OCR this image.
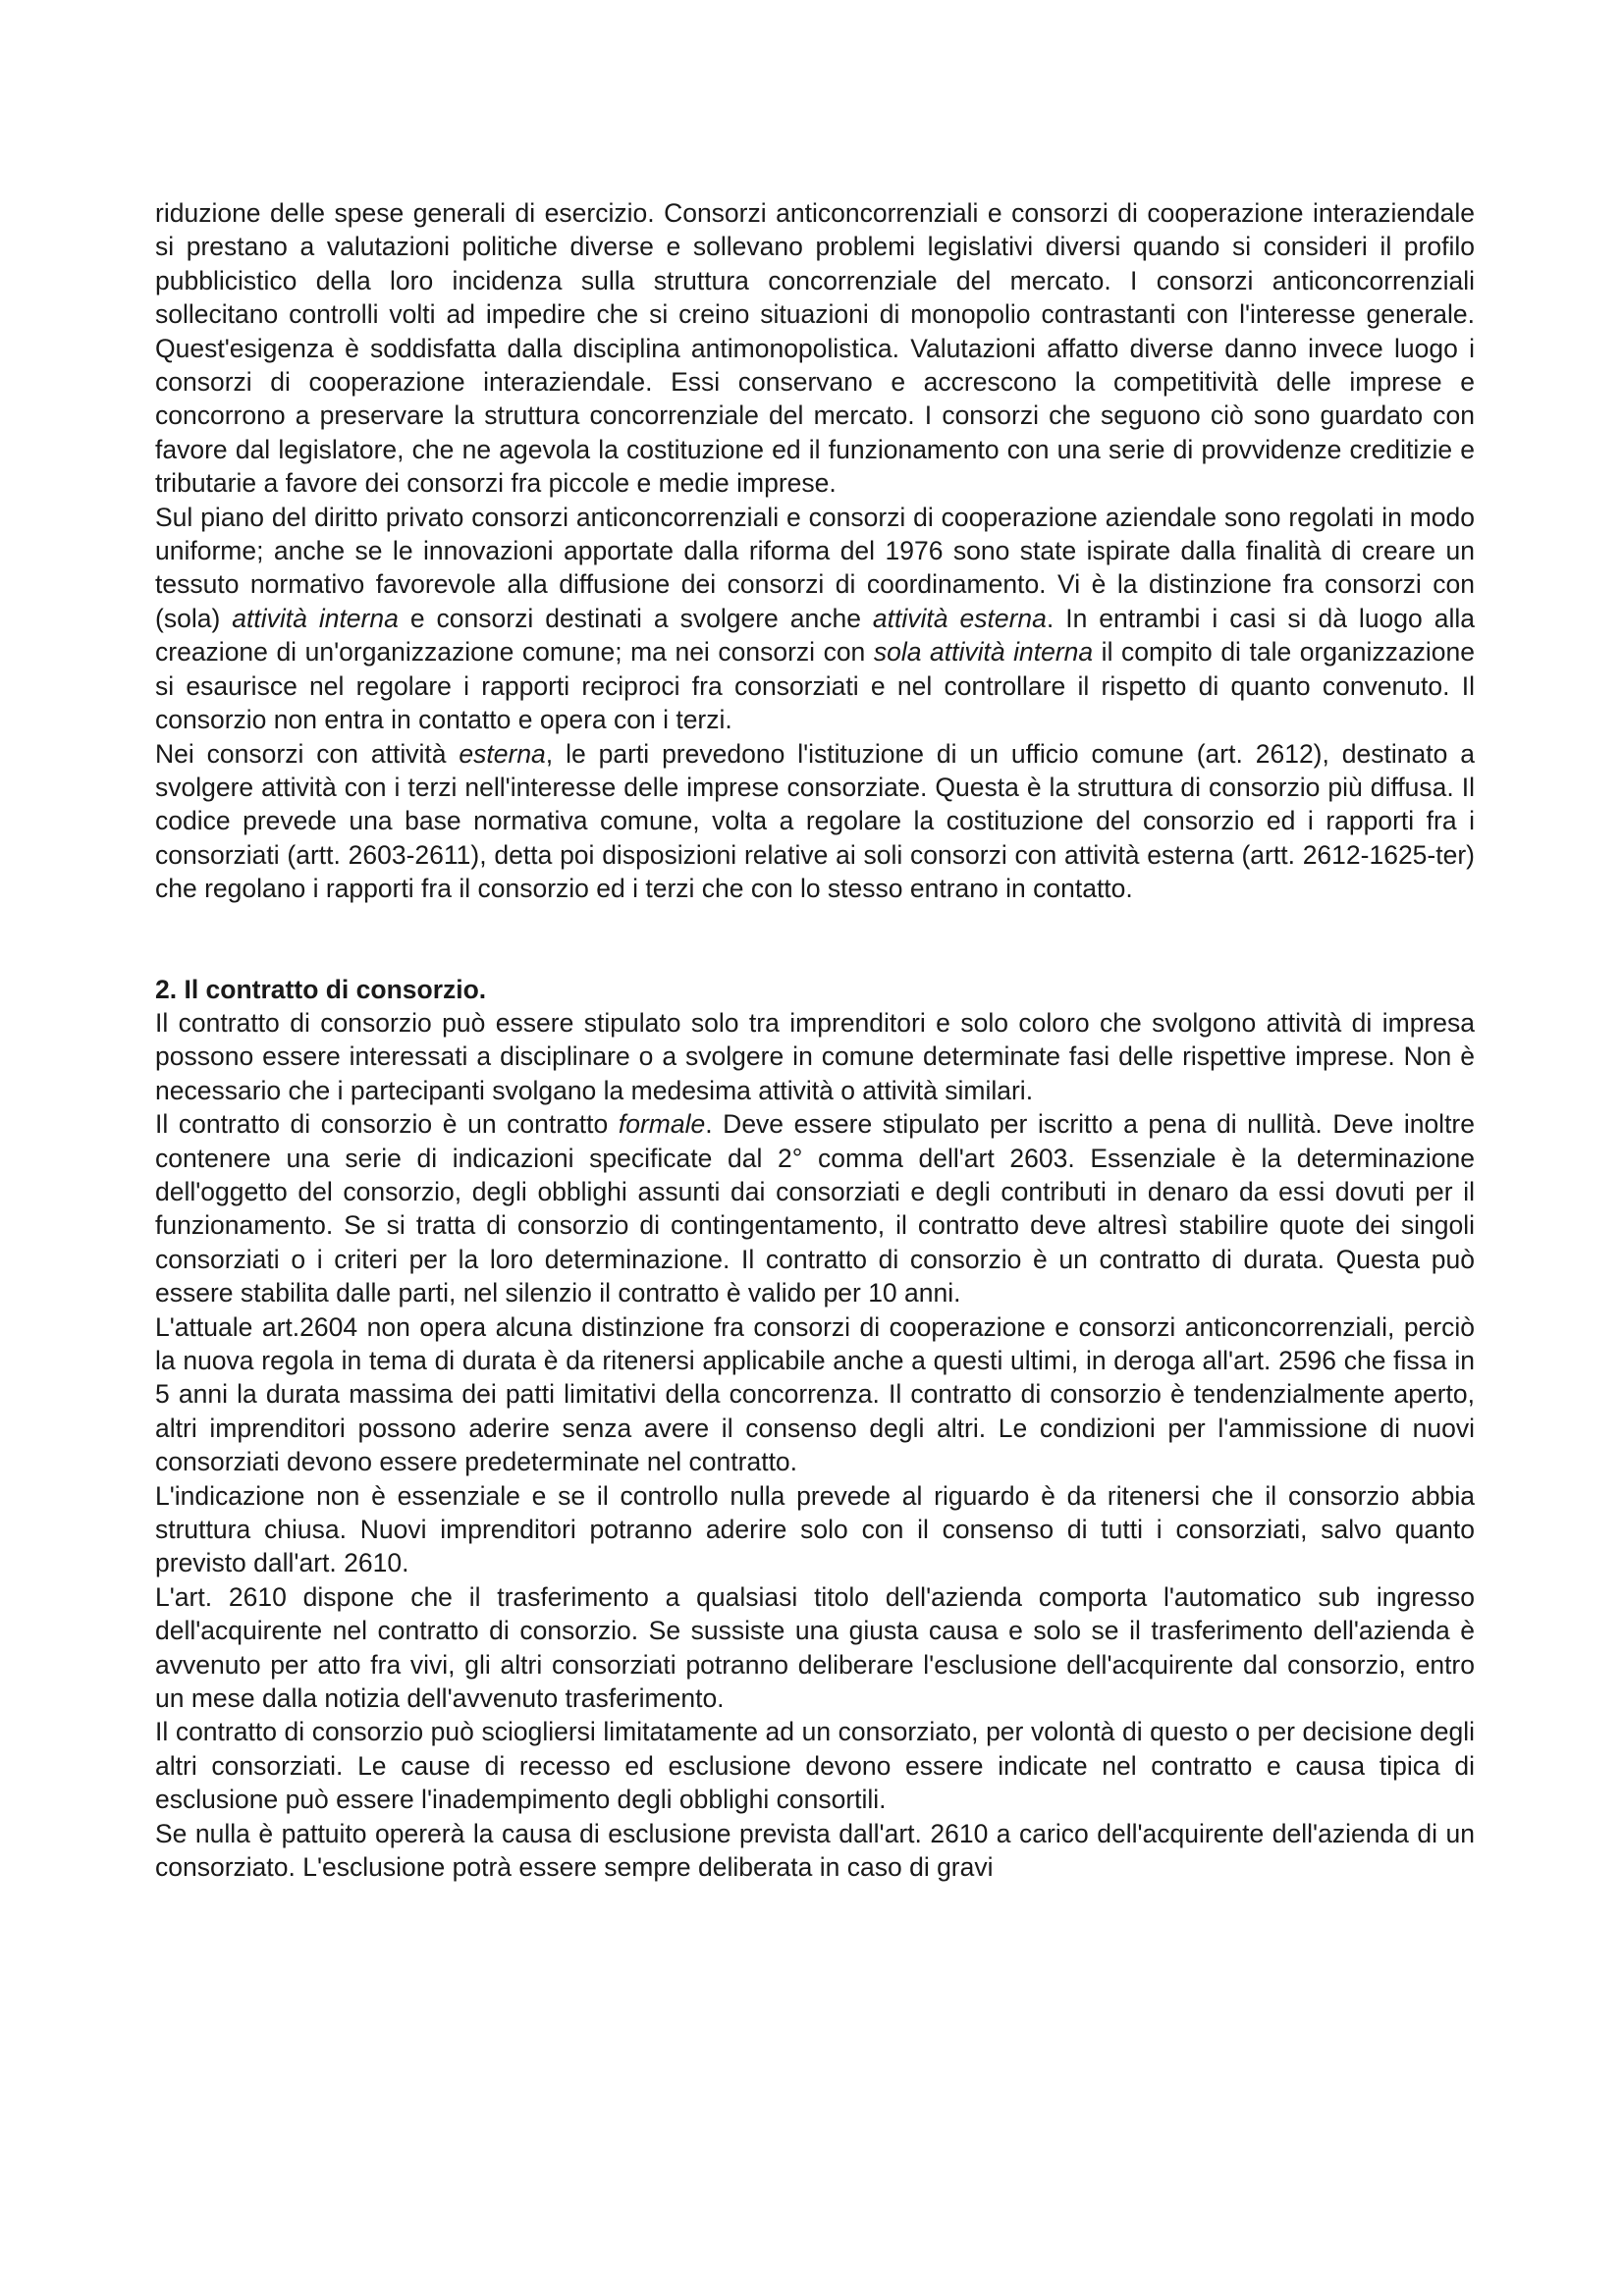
riduzione delle spese generali di esercizio. Consorzi anticoncorrenziali e consorzi di cooperazione interaziendale si prestano a valutazioni politiche diverse e sollevano problemi legislativi diversi quando si consideri il profilo pubblicistico della loro incidenza sulla struttura concorrenziale del mercato. I consorzi anticoncorrenziali sollecitano controlli volti ad impedire che si creino situazioni di monopolio contrastanti con l'interesse generale. Quest'esigenza è soddisfatta dalla disciplina antimonopolistica. Valutazioni affatto diverse danno invece luogo i consorzi di cooperazione interaziendale. Essi conservano e accrescono la competitività delle imprese e concorrono a preservare la struttura concorrenziale del mercato. I consorzi che seguono ciò sono guardato con favore dal legislatore, che ne agevola la costituzione ed il funzionamento con una serie di provvidenze creditizie e tributarie a favore dei consorzi fra piccole e medie imprese.

Sul piano del diritto privato consorzi anticoncorrenziali e consorzi di cooperazione aziendale sono regolati in modo uniforme; anche se le innovazioni apportate dalla riforma del 1976 sono state ispirate dalla finalità di creare un tessuto normativo favorevole alla diffusione dei consorzi di coordinamento. Vi è la distinzione fra consorzi con (sola) attività interna e consorzi destinati a svolgere anche attività esterna. In entrambi i casi si dà luogo alla creazione di un'organizzazione comune; ma nei consorzi con sola attività interna il compito di tale organizzazione si esaurisce nel regolare i rapporti reciproci fra consorziati e nel controllare il rispetto di quanto convenuto. Il consorzio non entra in contatto e opera con i terzi.

Nei consorzi con attività esterna, le parti prevedono l'istituzione di un ufficio comune (art. 2612), destinato a svolgere attività con i terzi nell'interesse delle imprese consorziate. Questa è la struttura di consorzio più diffusa. Il codice prevede una base normativa comune, volta a regolare la costituzione del consorzio ed i rapporti fra i consorziati (artt. 2603-2611), detta poi disposizioni relative ai soli consorzi con attività esterna (artt. 2612-1625-ter) che regolano i rapporti fra il consorzio ed i terzi che con lo stesso entrano in contatto.

2. Il contratto di consorzio.

Il contratto di consorzio può essere stipulato solo tra imprenditori e solo coloro che svolgono attività di impresa possono essere interessati a disciplinare o a svolgere in comune determinate fasi delle rispettive imprese. Non è necessario che i partecipanti svolgano la medesima attività o attività similari.

Il contratto di consorzio è un contratto formale. Deve essere stipulato per iscritto a pena di nullità. Deve inoltre contenere una serie di indicazioni specificate dal 2° comma dell'art 2603. Essenziale è la determinazione dell'oggetto del consorzio, degli obblighi assunti dai consorziati e degli contributi in denaro da essi dovuti per il funzionamento. Se si tratta di consorzio di contingentamento, il contratto deve altresì stabilire quote dei singoli consorziati o i criteri per la loro determinazione. Il contratto di consorzio è un contratto di durata. Questa può essere stabilita dalle parti, nel silenzio il contratto è valido per 10 anni.

L'attuale art.2604 non opera alcuna distinzione fra consorzi di cooperazione e consorzi anticoncorrenziali, perciò la nuova regola in tema di durata è da ritenersi applicabile anche a questi ultimi, in deroga all'art. 2596 che fissa in 5 anni la durata massima dei patti limitativi della concorrenza. Il contratto di consorzio è tendenzialmente aperto, altri imprenditori possono aderire senza avere il consenso degli altri. Le condizioni per l'ammissione di nuovi consorziati devono essere predeterminate nel contratto.

L'indicazione non è essenziale e se il controllo nulla prevede al riguardo è da ritenersi che il consorzio abbia struttura chiusa. Nuovi imprenditori potranno aderire solo con il consenso di tutti i consorziati, salvo quanto previsto dall'art. 2610.

L'art. 2610 dispone che il trasferimento a qualsiasi titolo dell'azienda comporta l'automatico sub ingresso dell'acquirente nel contratto di consorzio. Se sussiste una giusta causa e solo se il trasferimento dell'azienda è avvenuto per atto fra vivi, gli altri consorziati potranno deliberare l'esclusione dell'acquirente dal consorzio, entro un mese dalla notizia dell'avvenuto trasferimento.

Il contratto di consorzio può sciogliersi limitatamente ad un consorziato, per volontà di questo o per decisione degli altri consorziati. Le cause di recesso ed esclusione devono essere indicate nel contratto e causa tipica di esclusione può essere l'inadempimento degli obblighi consortili.

Se nulla è pattuito opererà la causa di esclusione prevista dall'art. 2610 a carico dell'acquirente dell'azienda di un consorziato. L'esclusione potrà essere sempre deliberata in caso di gravi
